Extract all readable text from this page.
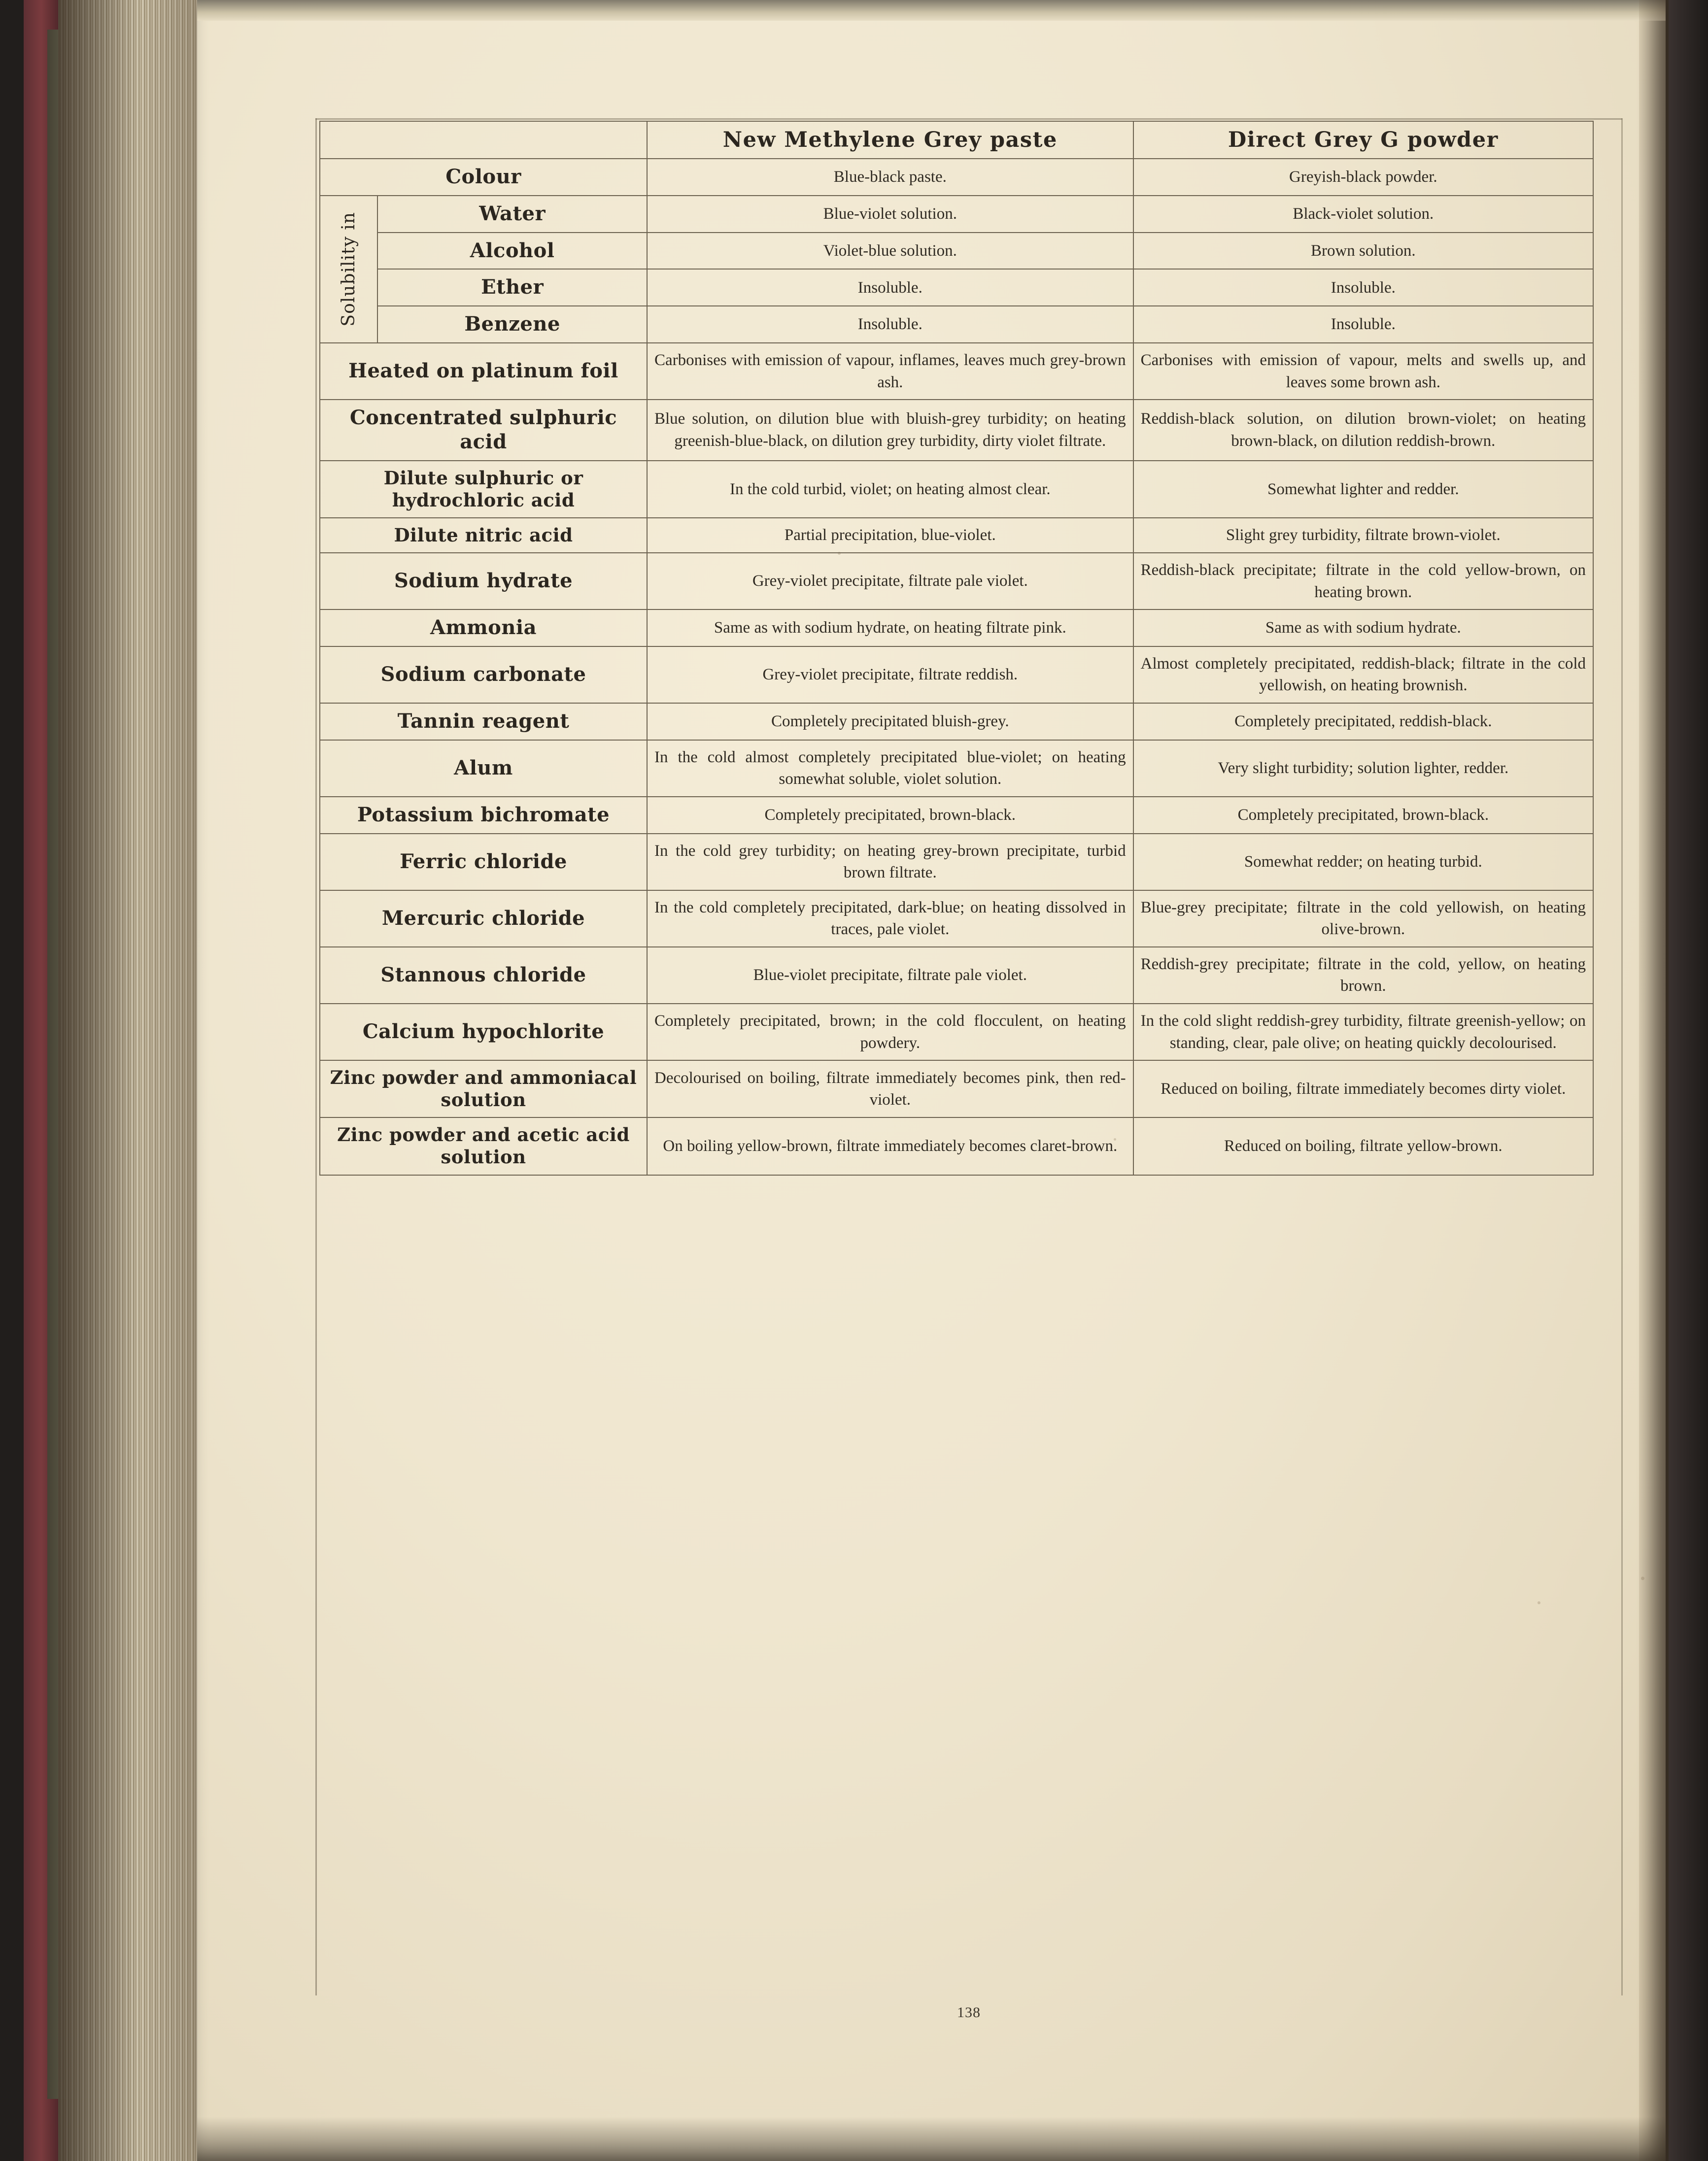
		New Methylene Grey paste	Direct Grey G powder
Colour		Blue-black paste.	Greyish-black powder.

Solubility in	Water	Blue-violet solution.	Black-violet solution.
	Alcohol	Violet-blue solution.	Brown solution.
	Ether	Insoluble.	Insoluble.
	Benzene	Insoluble.	Insoluble.
Heated on platinum foil		Carbonises with emission of vapour, inflames, leaves much grey-brown ash.	Carbonises with emission of vapour, melts and swells up, and leaves some brown ash.
Concentrated sulphuric acid		Blue solution, on dilution blue with bluish-grey turbidity; on heating greenish-blue-black, on dilution grey turbidity, dirty violet filtrate.	Reddish-black solution, on dilution brown-violet; on heating brown-black, on dilution reddish-brown.
Dilute sulphuric or hydrochloric acid		In the cold turbid, violet; on heating almost clear.	Somewhat lighter and redder.
Dilute nitric acid		Partial precipitation, blue-violet.	Slight grey turbidity, filtrate brown-violet.
Sodium hydrate		Grey-violet precipitate, filtrate pale violet.	Reddish-black precipitate; filtrate in the cold yellow-brown, on heating brown.
Ammonia		Same as with sodium hydrate, on heating filtrate pink.	Same as with sodium hydrate.
Sodium carbonate		Grey-violet precipitate, filtrate reddish.	Almost completely precipitated, reddish-black; filtrate in the cold yellowish, on heating brownish.
Tannin reagent		Completely precipitated bluish-grey.	Completely precipitated, reddish-black.
Alum		In the cold almost completely precipitated blue-violet; on heating somewhat soluble, violet solution.	Very slight turbidity; solution lighter, redder.
Potassium bichromate		Completely precipitated, brown-black.	Completely precipitated, brown-black.
Ferric chloride		In the cold grey turbidity; on heating grey-brown precipitate, turbid brown filtrate.	Somewhat redder; on heating turbid.
Mercuric chloride		In the cold completely precipitated, dark-blue; on heating dissolved in traces, pale violet.	Blue-grey precipitate; filtrate in the cold yellowish, on heating olive-brown.
Stannous chloride		Blue-violet precipitate, filtrate pale violet.	Reddish-grey precipitate; filtrate in the cold, yellow, on heating brown.
Calcium hypochlorite		Completely precipitated, brown; in the cold flocculent, on heating powdery.	In the cold slight reddish-grey turbidity, filtrate greenish-yellow; on standing, clear, pale olive; on heating quickly decolourised.
Zinc powder and ammoniacal solution		Decolourised on boiling, filtrate immediately becomes pink, then red-violet.	Reduced on boiling, filtrate immediately becomes dirty violet.
Zinc powder and acetic acid solution		On boiling yellow-brown, filtrate immediately becomes claret-brown.	Reduced on boiling, filtrate yellow-brown.
138
